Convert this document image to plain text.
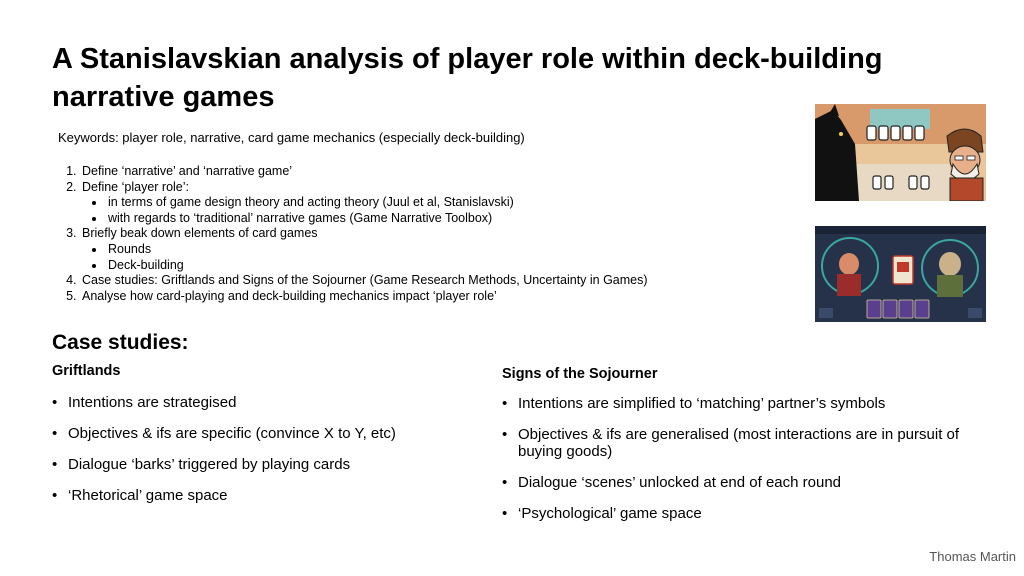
A Stanislavskian analysis of player role within deck-building narrative games
Keywords: player role, narrative, card game mechanics (especially deck-building)
1. Define ‘narrative’ and ‘narrative game’
2. Define ‘player role’:
• in terms of game design theory and acting theory (Juul et al, Stanislavski)
• with regards to ‘traditional’ narrative games (Game Narrative Toolbox)
3. Briefly beak down elements of card games
• Rounds
• Deck-building
4. Case studies: Griftlands and Signs of the Sojourner (Game Research Methods, Uncertainty in Games)
5. Analyse how card-playing and deck-building mechanics impact ‘player role’
Case studies:
Griftlands
• Intentions are strategised
• Objectives & ifs are specific (convince X to Y, etc)
• Dialogue ‘barks’ triggered by playing cards
• ‘Rhetorical’ game space
Signs of the Sojourner
• Intentions are simplified to ‘matching’ partner’s symbols
• Objectives & ifs are generalised (most interactions are in pursuit of buying goods)
• Dialogue ‘scenes’ unlocked at end of each round
• ‘Psychological’ game space
Thomas Martin
